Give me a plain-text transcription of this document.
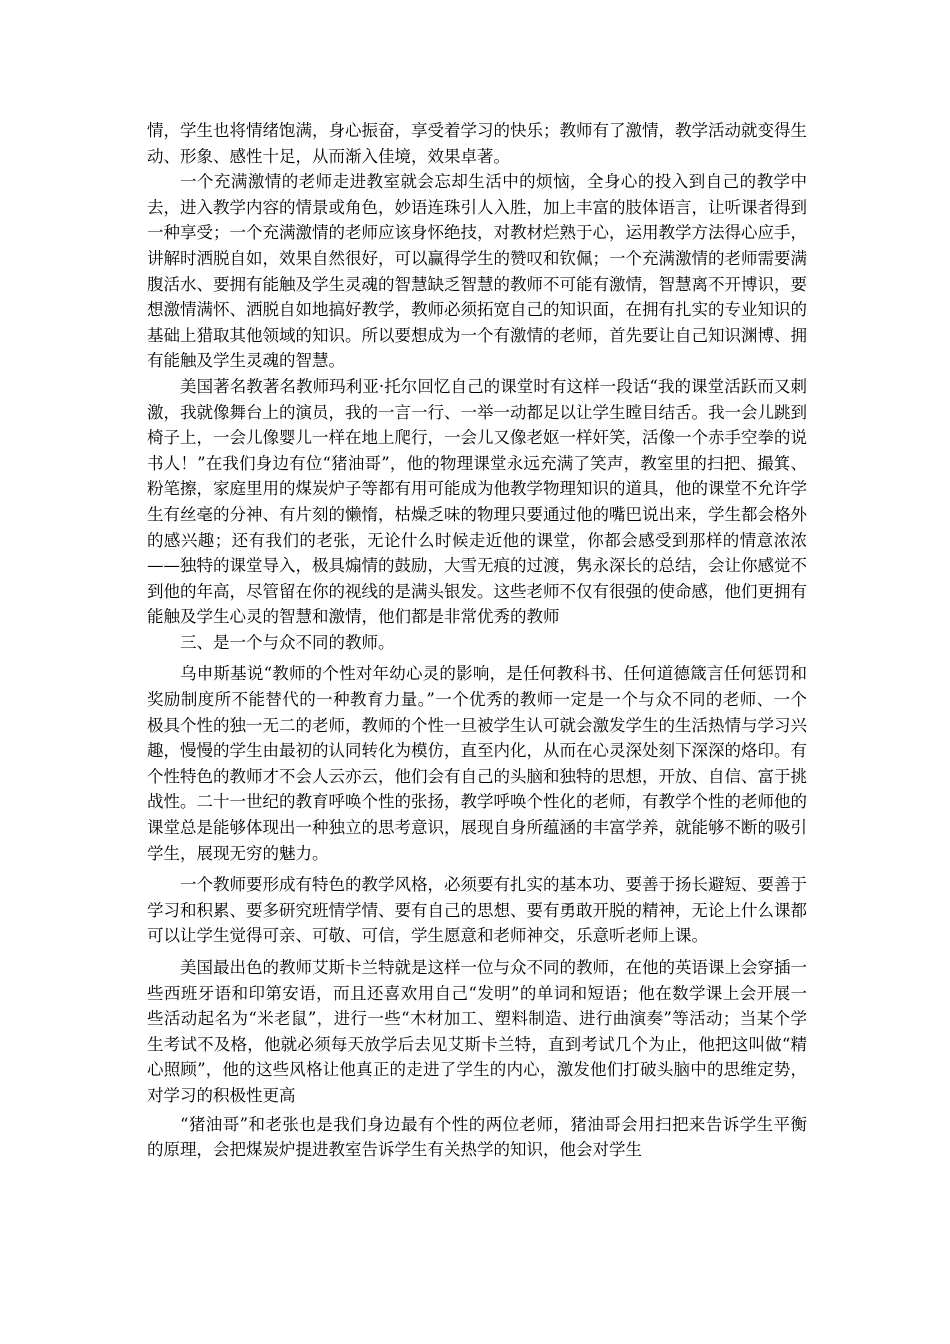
情，学生也将情绪饱满，身心振奋，享受着学习的快乐；教师有了激情，教学活动就变得生动、形象、感性十足，从而渐入佳境，效果卓著。

一个充满激情的老师走进教室就会忘却生活中的烦恼，全身心的投入到自己的教学中去，进入教学内容的情景或角色，妙语连珠引人入胜，加上丰富的肢体语言，让听课者得到一种享受；一个充满激情的老师应该身怀绝技，对教材烂熟于心，运用教学方法得心应手，讲解时洒脱自如，效果自然很好，可以赢得学生的赞叹和钦佩；一个充满激情的老师需要满腹活水、要拥有能触及学生灵魂的智慧缺乏智慧的教师不可能有激情，智慧离不开博识，要想激情满怀、洒脱自如地搞好教学，教师必须拓宽自己的知识面，在拥有扎实的专业知识的基础上猎取其他领域的知识。所以要想成为一个有激情的老师，首先要让自己知识渊博、拥有能触及学生灵魂的智慧。

美国著名教著名教师玛利亚·托尔回忆自己的课堂时有这样一段话“我的课堂活跃而又刺激，我就像舞台上的演员，我的一言一行、一举一动都足以让学生瞠目结舌。我一会儿跳到椅子上，一会儿像婴儿一样在地上爬行，一会儿又像老妪一样奸笑，活像一个赤手空拳的说书人！”在我们身边有位“猪油哥”，他的物理课堂永远充满了笑声，教室里的扫把、撮箕、粉笔擦，家庭里用的煤炭炉子等都有用可能成为他教学物理知识的道具，他的课堂不允许学生有丝毫的分神、有片刻的懒惰，枯燥乏味的物理只要通过他的嘴巴说出来，学生都会格外的感兴趣；还有我们的老张，无论什么时候走近他的课堂，你都会感受到那样的情意浓浓——独特的课堂导入，极具煽情的鼓励，大雪无痕的过渡，隽永深长的总结，会让你感觉不到他的年高，尽管留在你的视线的是满头银发。这些老师不仅有很强的使命感，他们更拥有能触及学生心灵的智慧和激情，他们都是非常优秀的教师

三、是一个与众不同的教师。

乌申斯基说“教师的个性对年幼心灵的影响，是任何教科书、任何道德箴言任何惩罚和奖励制度所不能替代的一种教育力量。”一个优秀的教师一定是一个与众不同的老师、一个极具个性的独一无二的老师，教师的个性一旦被学生认可就会激发学生的生活热情与学习兴趣，慢慢的学生由最初的认同转化为模仿，直至内化，从而在心灵深处刻下深深的烙印。有个性特色的教师才不会人云亦云，他们会有自己的头脑和独特的思想，开放、自信、富于挑战性。二十一世纪的教育呼唤个性的张扬，教学呼唤个性化的老师，有教学个性的老师他的课堂总是能够体现出一种独立的思考意识，展现自身所蕴涵的丰富学养，就能够不断的吸引学生，展现无穷的魅力。

一个教师要形成有特色的教学风格，必须要有扎实的基本功、要善于扬长避短、要善于学习和积累、要多研究班情学情、要有自己的思想、要有勇敢开脱的精神，无论上什么课都可以让学生觉得可亲、可敬、可信，学生愿意和老师神交，乐意听老师上课。

美国最出色的教师艾斯卡兰特就是这样一位与众不同的教师，在他的英语课上会穿插一些西班牙语和印第安语，而且还喜欢用自己“发明”的单词和短语；他在数学课上会开展一些活动起名为“米老鼠”，进行一些“木材加工、塑料制造、进行曲演奏”等活动；当某个学生考试不及格，他就必须每天放学后去见艾斯卡兰特，直到考试几个为止，他把这叫做“精心照顾”，他的这些风格让他真正的走进了学生的内心，激发他们打破头脑中的思维定势，对学习的积极性更高

“猪油哥”和老张也是我们身边最有个性的两位老师，猪油哥会用扫把来告诉学生平衡的原理，会把煤炭炉提进教室告诉学生有关热学的知识，他会对学生
